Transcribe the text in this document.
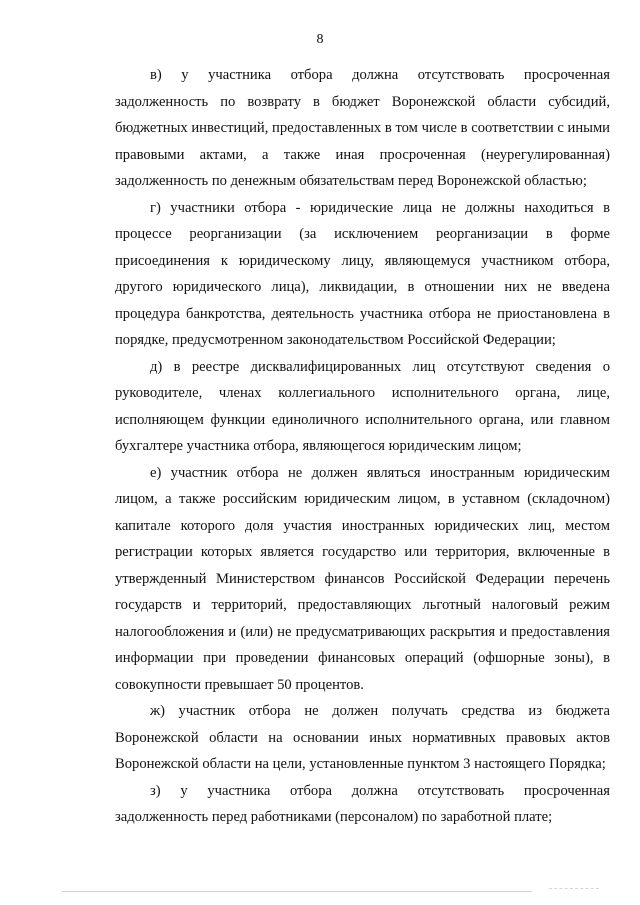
8

в) у участника отбора должна отсутствовать просроченная задолженность по возврату в бюджет Воронежской области субсидий, бюджетных инвестиций, предоставленных в том числе в соответствии с иными правовыми актами, а также иная просроченная (неурегулированная) задолженность по денежным обязательствам перед Воронежской областью;

г) участники отбора - юридические лица не должны находиться в процессе реорганизации (за исключением реорганизации в форме присоединения к юридическому лицу, являющемуся участником отбора, другого юридического лица), ликвидации, в отношении них не введена процедура банкротства, деятельность участника отбора не приостановлена в порядке, предусмотренном законодательством Российской Федерации;

д) в реестре дисквалифицированных лиц отсутствуют сведения о руководителе, членах коллегиального исполнительного органа, лице, исполняющем функции единоличного исполнительного органа, или главном бухгалтере участника отбора, являющегося юридическим лицом;

е) участник отбора не должен являться иностранным юридическим лицом, а также российским юридическим лицом, в уставном (складочном) капитале которого доля участия иностранных юридических лиц, местом регистрации которых является государство или территория, включенные в утвержденный Министерством финансов Российской Федерации перечень государств и территорий, предоставляющих льготный налоговый режим налогообложения и (или) не предусматривающих раскрытия и предоставления информации при проведении финансовых операций (офшорные зоны), в совокупности превышает 50 процентов.

ж) участник отбора не должен получать средства из бюджета Воронежской области на основании иных нормативных правовых актов Воронежской области на цели, установленные пунктом 3 настоящего Порядка;

з) у участника отбора должна отсутствовать просроченная задолженность перед работниками (персоналом) по заработной плате;
